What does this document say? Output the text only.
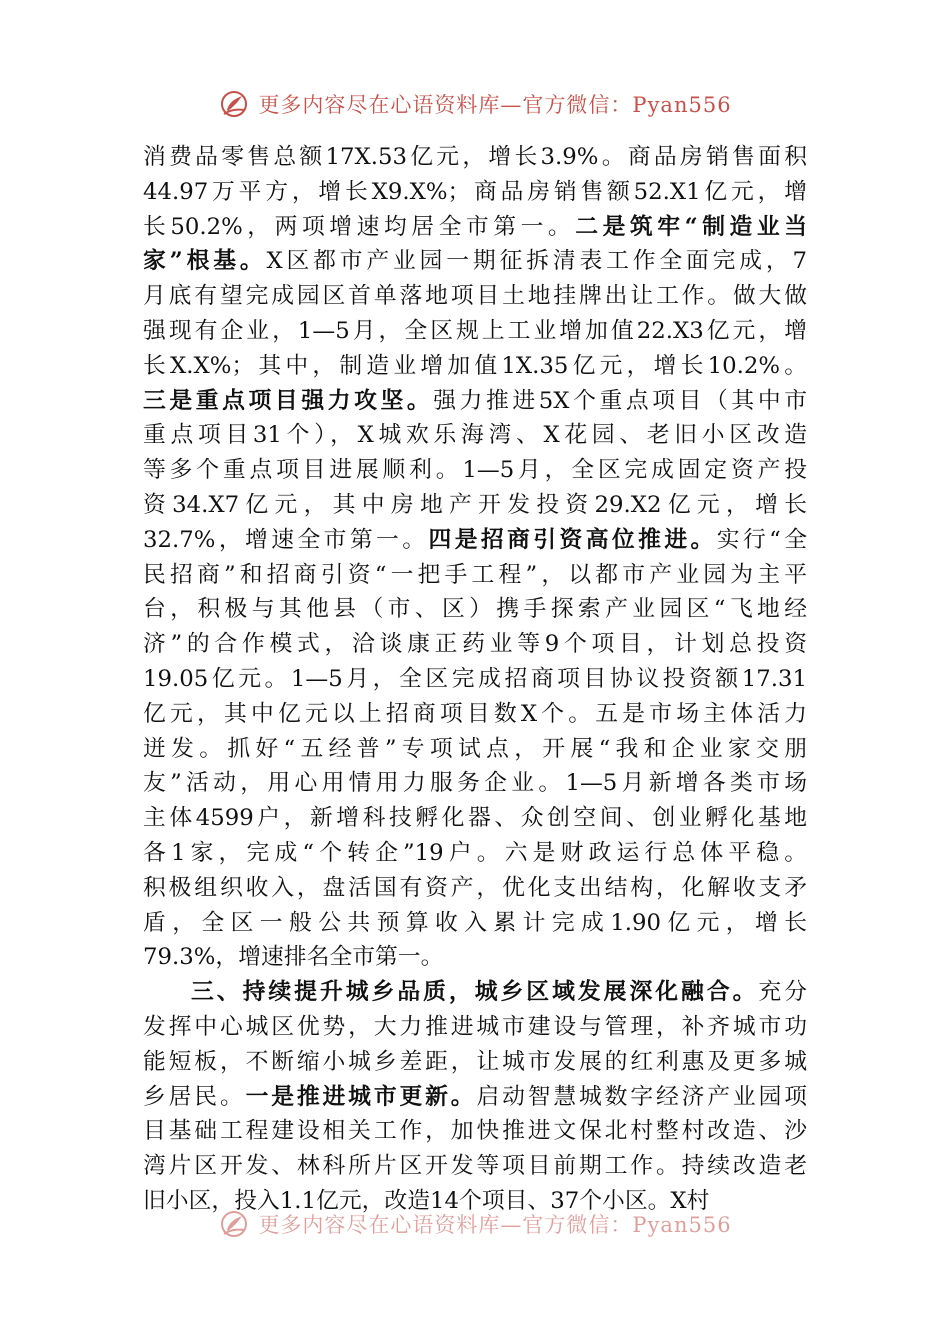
更多内容尽在心语资料库—官方微信：Pyan556
消费品零售总额17X.53亿元，增长3.9%。商品房销售面积
44.97万平方，增长X9.X%；商品房销售额52.X1亿元，增
长50.2%，两项增速均居全市第一。二是筑牢“制造业当
家”根基。X区都市产业园一期征拆清表工作全面完成，7
月底有望完成园区首单落地项目土地挂牌出让工作。做大做
强现有企业，1—5月，全区规上工业增加值22.X3亿元，增
长X.X%；其中，制造业增加值1X.35亿元，增长10.2%。
三是重点项目强力攻坚。强力推进5X个重点项目（其中市
重点项目31个），X城欢乐海湾、X花园、老旧小区改造
等多个重点项目进展顺利。1—5月，全区完成固定资产投
资34.X7亿元，其中房地产开发投资29.X2亿元，增长
32.7%，增速全市第一。四是招商引资高位推进。实行“全
民招商”和招商引资“一把手工程”，以都市产业园为主平
台，积极与其他县（市、区）携手探索产业园区“飞地经
济”的合作模式，洽谈康正药业等9个项目，计划总投资
19.05亿元。1—5月，全区完成招商项目协议投资额17.31
亿元，其中亿元以上招商项目数X个。五是市场主体活力
迸发。抓好“五经普”专项试点，开展“我和企业家交朋
友”活动，用心用情用力服务企业。1—5月新增各类市场
主体4599户，新增科技孵化器、众创空间、创业孵化基地
各1家，完成“个转企”19户。六是财政运行总体平稳。
积极组织收入，盘活国有资产，优化支出结构，化解收支矛
盾，全区一般公共预算收入累计完成1.90亿元，增长
79.3%，增速排名全市第一。
三、持续提升城乡品质，城乡区域发展深化融合。充分
发挥中心城区优势，大力推进城市建设与管理，补齐城市功
能短板，不断缩小城乡差距，让城市发展的红利惠及更多城
乡居民。一是推进城市更新。启动智慧城数字经济产业园项
目基础工程建设相关工作，加快推进文保北村整村改造、沙
湾片区开发、林科所片区开发等项目前期工作。持续改造老
旧小区，投入1.1亿元，改造14个项目、37个小区。X村
更多内容尽在心语资料库—官方微信：Pyan556
